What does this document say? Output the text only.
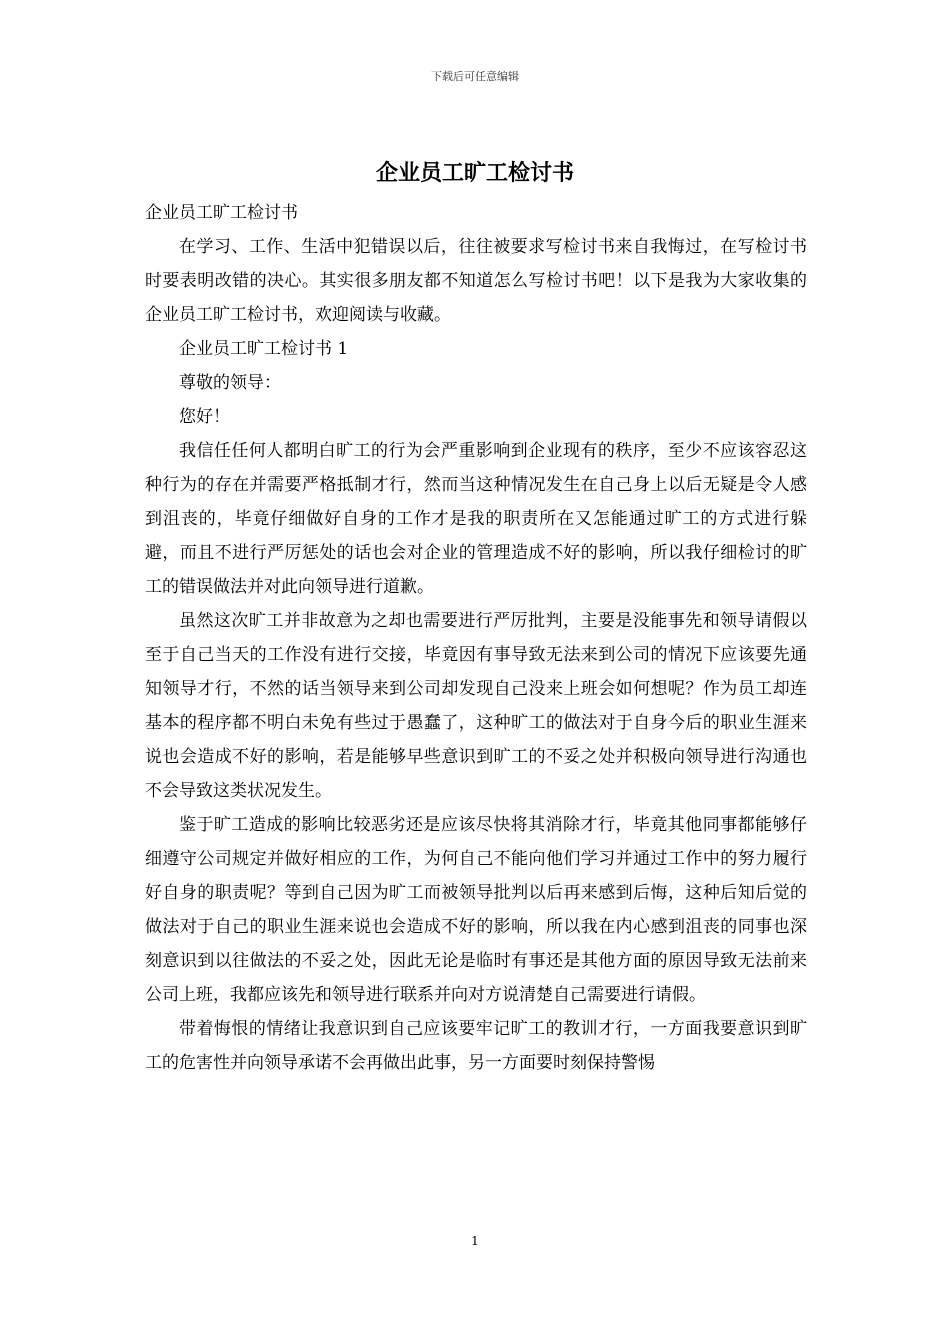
下载后可任意编辑
企业员工旷工检讨书

企业员工旷工检讨书

在学习、工作、生活中犯错误以后，往往被要求写检讨书来自我悔过，在写检讨书时要表明改错的决心。其实很多朋友都不知道怎么写检讨书吧！以下是我为大家收集的企业员工旷工检讨书，欢迎阅读与收藏。

企业员工旷工检讨书 1

尊敬的领导：

您好！

我信任任何人都明白旷工的行为会严重影响到企业现有的秩序，至少不应该容忍这种行为的存在并需要严格抵制才行，然而当这种情况发生在自己身上以后无疑是令人感到沮丧的，毕竟仔细做好自身的工作才是我的职责所在又怎能通过旷工的方式进行躲避，而且不进行严厉惩处的话也会对企业的管理造成不好的影响，所以我仔细检讨的旷工的错误做法并对此向领导进行道歉。

虽然这次旷工并非故意为之却也需要进行严厉批判，主要是没能事先和领导请假以至于自己当天的工作没有进行交接，毕竟因有事导致无法来到公司的情况下应该要先通知领导才行，不然的话当领导来到公司却发现自己没来上班会如何想呢？作为员工却连基本的程序都不明白未免有些过于愚蠢了，这种旷工的做法对于自身今后的职业生涯来说也会造成不好的影响，若是能够早些意识到旷工的不妥之处并积极向领导进行沟通也不会导致这类状况发生。

鉴于旷工造成的影响比较恶劣还是应该尽快将其消除才行，毕竟其他同事都能够仔细遵守公司规定并做好相应的工作，为何自己不能向他们学习并通过工作中的努力履行好自身的职责呢？等到自己因为旷工而被领导批判以后再来感到后悔，这种后知后觉的做法对于自己的职业生涯来说也会造成不好的影响，所以我在内心感到沮丧的同事也深刻意识到以往做法的不妥之处，因此无论是临时有事还是其他方面的原因导致无法前来公司上班，我都应该先和领导进行联系并向对方说清楚自己需要进行请假。

带着悔恨的情绪让我意识到自己应该要牢记旷工的教训才行，一方面我要意识到旷工的危害性并向领导承诺不会再做出此事，另一方面要时刻保持警惕

1
